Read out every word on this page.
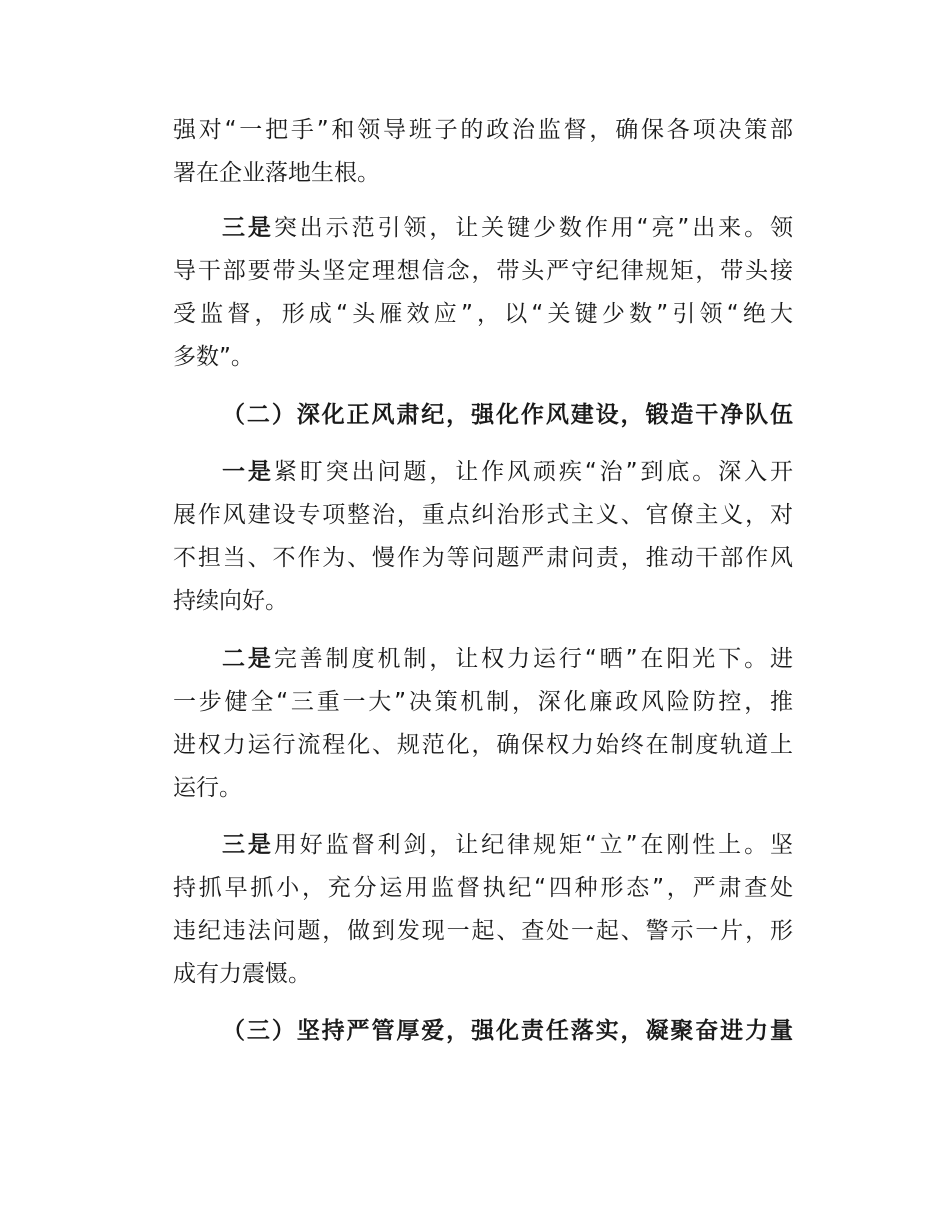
强对“一把手”和领导班子的政治监督，确保各项决策部
署在企业落地生根。
三是突出示范引领，让关键少数作用“亮”出来。领
导干部要带头坚定理想信念，带头严守纪律规矩，带头接
受监督，形成“头雁效应”，以“关键少数”引领“绝大
多数”。
（二）深化正风肃纪，强化作风建设，锻造干净队伍
一是紧盯突出问题，让作风顽疾“治”到底。深入开
展作风建设专项整治，重点纠治形式主义、官僚主义，对
不担当、不作为、慢作为等问题严肃问责，推动干部作风
持续向好。
二是完善制度机制，让权力运行“晒”在阳光下。进
一步健全“三重一大”决策机制，深化廉政风险防控，推
进权力运行流程化、规范化，确保权力始终在制度轨道上
运行。
三是用好监督利剑，让纪律规矩“立”在刚性上。坚
持抓早抓小，充分运用监督执纪“四种形态”，严肃查处
违纪违法问题，做到发现一起、查处一起、警示一片，形
成有力震慑。
（三）坚持严管厚爱，强化责任落实，凝聚奋进力量
